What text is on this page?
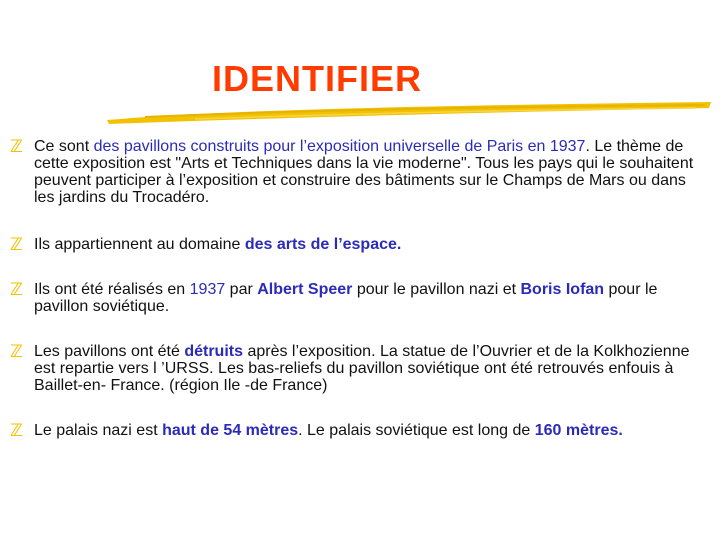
IDENTIFIER
ℤ Ce sont des pavillons construits pour l’exposition universelle de Paris en 1937. Le thème de cette exposition est "Arts et Techniques dans la vie moderne". Tous les pays qui le souhaitent peuvent participer à l’exposition et construire des bâtiments sur le Champs de Mars ou dans les jardins du Trocadéro.
ℤ Ils appartiennent au domaine des arts de l’espace.
ℤ Ils ont été réalisés en 1937 par Albert Speer pour le pavillon nazi et Boris Iofan pour le pavillon soviétique.
ℤ Les pavillons ont été détruits après l’exposition. La statue de l’Ouvrier et de la Kolkhozienne est repartie vers l ’URSS. Les bas-reliefs du pavillon soviétique ont été retrouvés enfouis à Baillet-en- France. (région Ile -de France)
ℤ Le palais nazi est haut de 54 mètres. Le palais soviétique est long de 160 mètres.
